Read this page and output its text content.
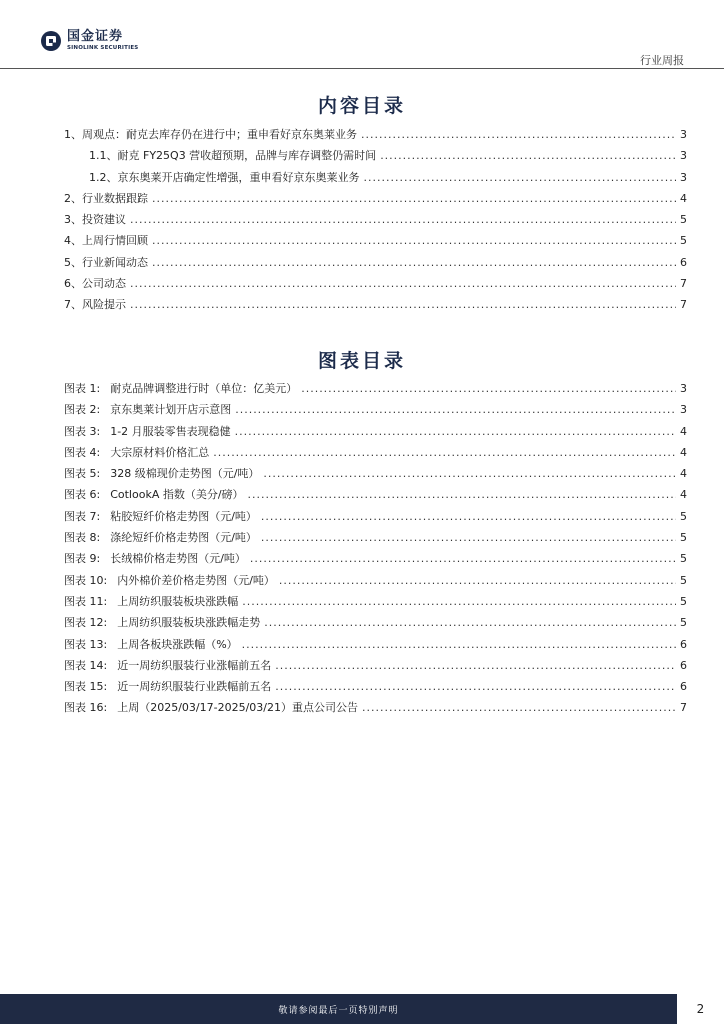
国金证券
SINOLINK SECURITIES
行业周报
内容目录
1、周观点：耐克去库存仍在进行中；重申看好京东奥莱业务 .....	3
1.1、耐克 FY25Q3 营收超预期，品牌与库存调整仍需时间 .....	3
1.2、京东奥莱开店确定性增强，重申看好京东奥莱业务 .....	3
2、行业数据跟踪 .....	4
3、投资建议 .....	5
4、上周行情回顾 .....	5
5、行业新闻动态 .....	6
6、公司动态 .....	7
7、风险提示 .....	7
图表目录
图表 1: 耐克品牌调整进行时（单位：亿美元） .....	3
图表 2: 京东奥莱计划开店示意图 .....	3
图表 3: 1-2 月服装零售表现稳健 .....	4
图表 4: 大宗原材料价格汇总 .....	4
图表 5: 328 级棉现价走势图（元/吨） .....	4
图表 6: CotlookA 指数（美分/磅） .....	4
图表 7: 粘胶短纤价格走势图（元/吨） .....	5
图表 8: 涤纶短纤价格走势图（元/吨） .....	5
图表 9: 长绒棉价格走势图（元/吨） .....	5
图表 10: 内外棉价差价格走势图（元/吨） .....	5
图表 11: 上周纺织服装板块涨跌幅 .....	5
图表 12: 上周纺织服装板块涨跌幅走势 .....	5
图表 13: 上周各板块涨跌幅（%） .....	6
图表 14: 近一周纺织服装行业涨幅前五名 .....	6
图表 15: 近一周纺织服装行业跌幅前五名 .....	6
图表 16: 上周（2025/03/17-2025/03/21）重点公司公告 .....	7
敬请参阅最后一页特别声明	2
